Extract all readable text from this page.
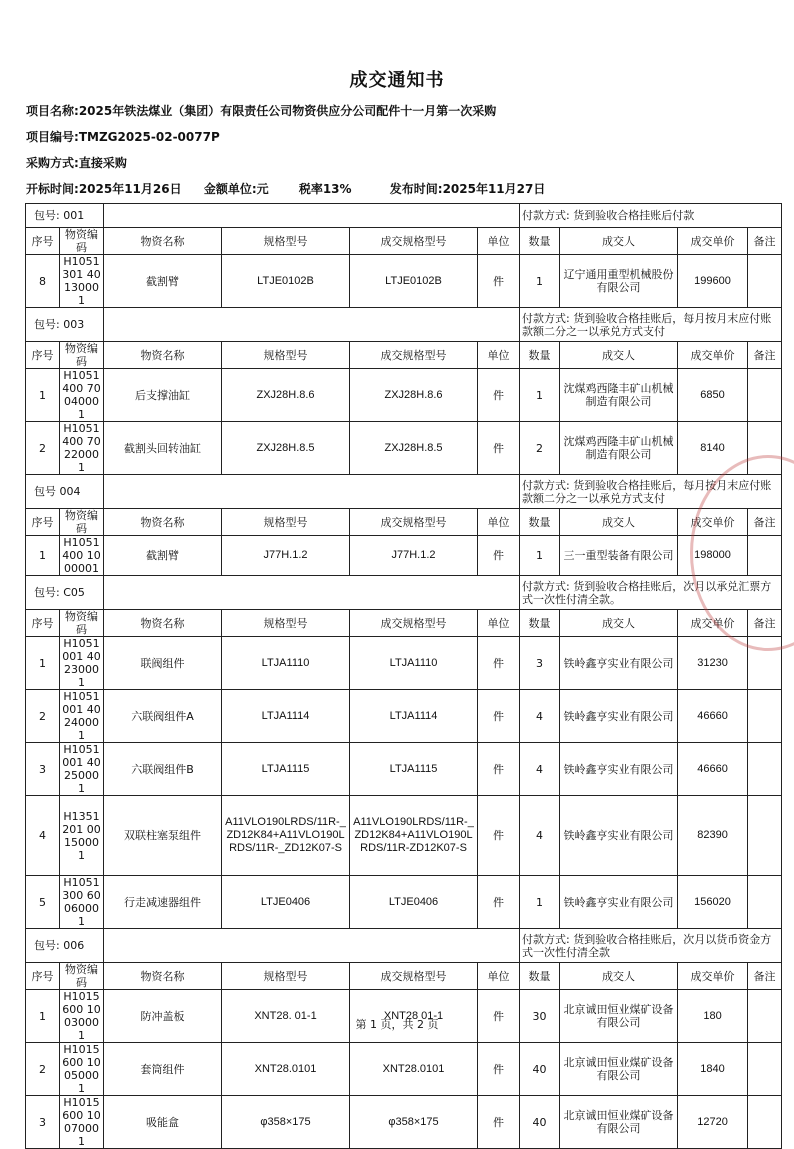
成交通知书
项目名称:2025年铁法煤业（集团）有限责任公司物资供应分公司配件十一月第一次采购
项目编号:TMZG2025-02-0077P
采购方式:直接采购
开标时间:2025年11月26日 金额单位:元	税率13%	发布时间:2025年11月27日
包号: 001						付款方式: 货到验收合格挂账后付款			
序号	物资编码	物资名称	规格型号	成交规格型号	单位	数量	成交人	成交单价	备注
8	H1051301 40130001	截割臂	LTJE0102B	LTJE0102B	件	1	辽宁通用重型机械股份有限公司	199600	
包号: 003						付款方式: 货到验收合格挂账后，每月按月末应付账款额二分之一以承兑方式支付			
序号	物资编码	物资名称	规格型号	成交规格型号	单位	数量	成交人	成交单价	备注
1	H1051400 70040001	后支撑油缸	ZXJ28H.8.6	ZXJ28H.8.6	件	1	沈煤鸡西隆丰矿山机械制造有限公司	6850	
2	H1051400 70220001	截割头回转油缸	ZXJ28H.8.5	ZXJ28H.8.5	件	2	沈煤鸡西隆丰矿山机械制造有限公司	8140	
包号 004						付款方式: 货到验收合格挂账后，每月按月末应付账款额二分之一以承兑方式支付			
序号	物资编码	物资名称	规格型号	成交规格型号	单位	数量	成交人	成交单价	备注
1	H1051400 10 00001	截割臂	J77H.1.2	J77H.1.2	件	1	三一重型装备有限公司	198000	
包号: C05						付款方式: 货到验收合格挂账后，次月以承兑汇票方式一次性付清全款。			
序号	物资编码	物资名称	规格型号	成交规格型号	单位	数量	成交人	成交单价	备注
1	H1051001 40230001	联阀组件	LTJA1110	LTJA1110	件	3	铁岭鑫亨实业有限公司	31230	
2	H1051001 40240001	六联阀组件A	LTJA1114	LTJA1114	件	4	铁岭鑫亨实业有限公司	46660	
3	H1051001 40250001	六联阀组件B	LTJA1115	LTJA1115	件	4	铁岭鑫亨实业有限公司	46660	
4	H1351201 00150001	双联柱塞泵组件	A11VLO190LRDS/11R-_ZD12K84+A11VLO190LRDS/11R-_ZD12K07-S	A11VLO190LRDS/11R-_ZD12K84+A11VLO190LRDS/11R-ZD12K07-S	件	4	铁岭鑫亨实业有限公司	82390	
5	H1051300 60060001	行走减速器组件	LTJE0406	LTJE0406	件	1	铁岭鑫亨实业有限公司	156020	
包号: 006						付款方式: 货到验收合格挂账后，次月以货币资金方式一次性付清全款			
序号	物资编码	物资名称	规格型号	成交规格型号	单位	数量	成交人	成交单价	备注
1	H1015600 10030001	防冲盖板	XNT28. 01-1	XNT28 01-1	件	30	北京诚田恒业煤矿设备有限公司	180	
2	H1015600 10050001	套筒组件	XNT28.0101	XNT28.0101	件	40	北京诚田恒业煤矿设备有限公司	1840	
3	H1015600 10070001	吸能盒	φ358×175	φ358×175	件	40	北京诚田恒业煤矿设备有限公司	12720	
第 1 页，共 2 页
